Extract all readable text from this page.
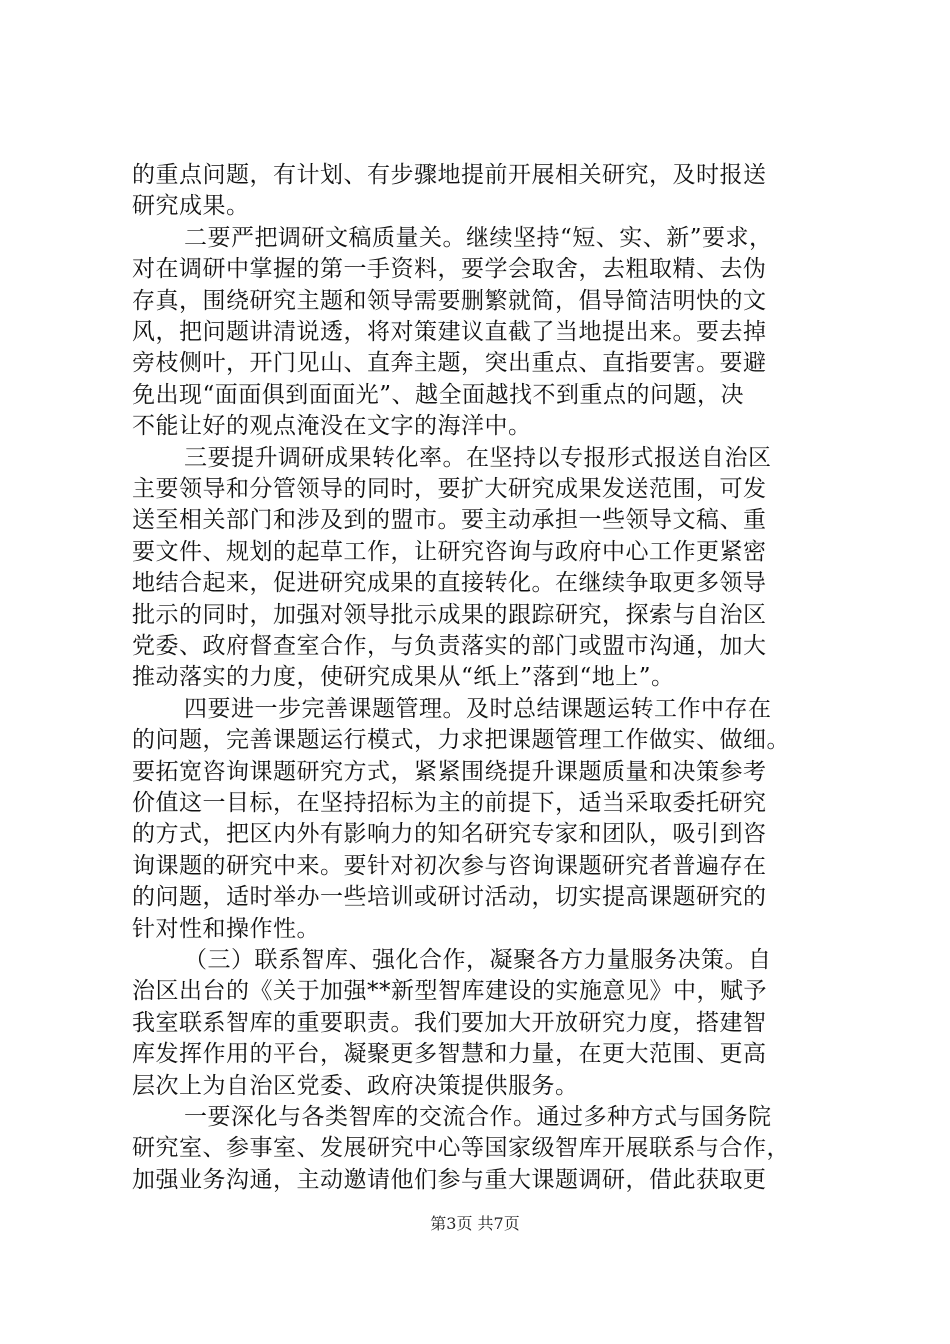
的重点问题，有计划、有步骤地提前开展相关研究，及时报送
研究成果。
二要严把调研文稿质量关。继续坚持“短、实、新”要求，
对在调研中掌握的第一手资料，要学会取舍，去粗取精、去伪
存真，围绕研究主题和领导需要删繁就简，倡导简洁明快的文
风，把问题讲清说透，将对策建议直截了当地提出来。要去掉
旁枝侧叶，开门见山、直奔主题，突出重点、直指要害。要避
免出现“面面俱到面面光”、越全面越找不到重点的问题，决
不能让好的观点淹没在文字的海洋中。
三要提升调研成果转化率。在坚持以专报形式报送自治区
主要领导和分管领导的同时，要扩大研究成果发送范围，可发
送至相关部门和涉及到的盟市。要主动承担一些领导文稿、重
要文件、规划的起草工作，让研究咨询与政府中心工作更紧密
地结合起来，促进研究成果的直接转化。在继续争取更多领导
批示的同时，加强对领导批示成果的跟踪研究，探索与自治区
党委、政府督查室合作，与负责落实的部门或盟市沟通，加大
推动落实的力度，使研究成果从“纸上”落到“地上”。
四要进一步完善课题管理。及时总结课题运转工作中存在
的问题，完善课题运行模式，力求把课题管理工作做实、做细。
要拓宽咨询课题研究方式，紧紧围绕提升课题质量和决策参考
价值这一目标，在坚持招标为主的前提下，适当采取委托研究
的方式，把区内外有影响力的知名研究专家和团队，吸引到咨
询课题的研究中来。要针对初次参与咨询课题研究者普遍存在
的问题，适时举办一些培训或研讨活动，切实提高课题研究的
针对性和操作性。
（三）联系智库、强化合作，凝聚各方力量服务决策。自
治区出台的《关于加强**新型智库建设的实施意见》中，赋予
我室联系智库的重要职责。我们要加大开放研究力度，搭建智
库发挥作用的平台，凝聚更多智慧和力量，在更大范围、更高
层次上为自治区党委、政府决策提供服务。
一要深化与各类智库的交流合作。通过多种方式与国务院
研究室、参事室、发展研究中心等国家级智库开展联系与合作，
加强业务沟通，主动邀请他们参与重大课题调研，借此获取更
第3页 共7页
